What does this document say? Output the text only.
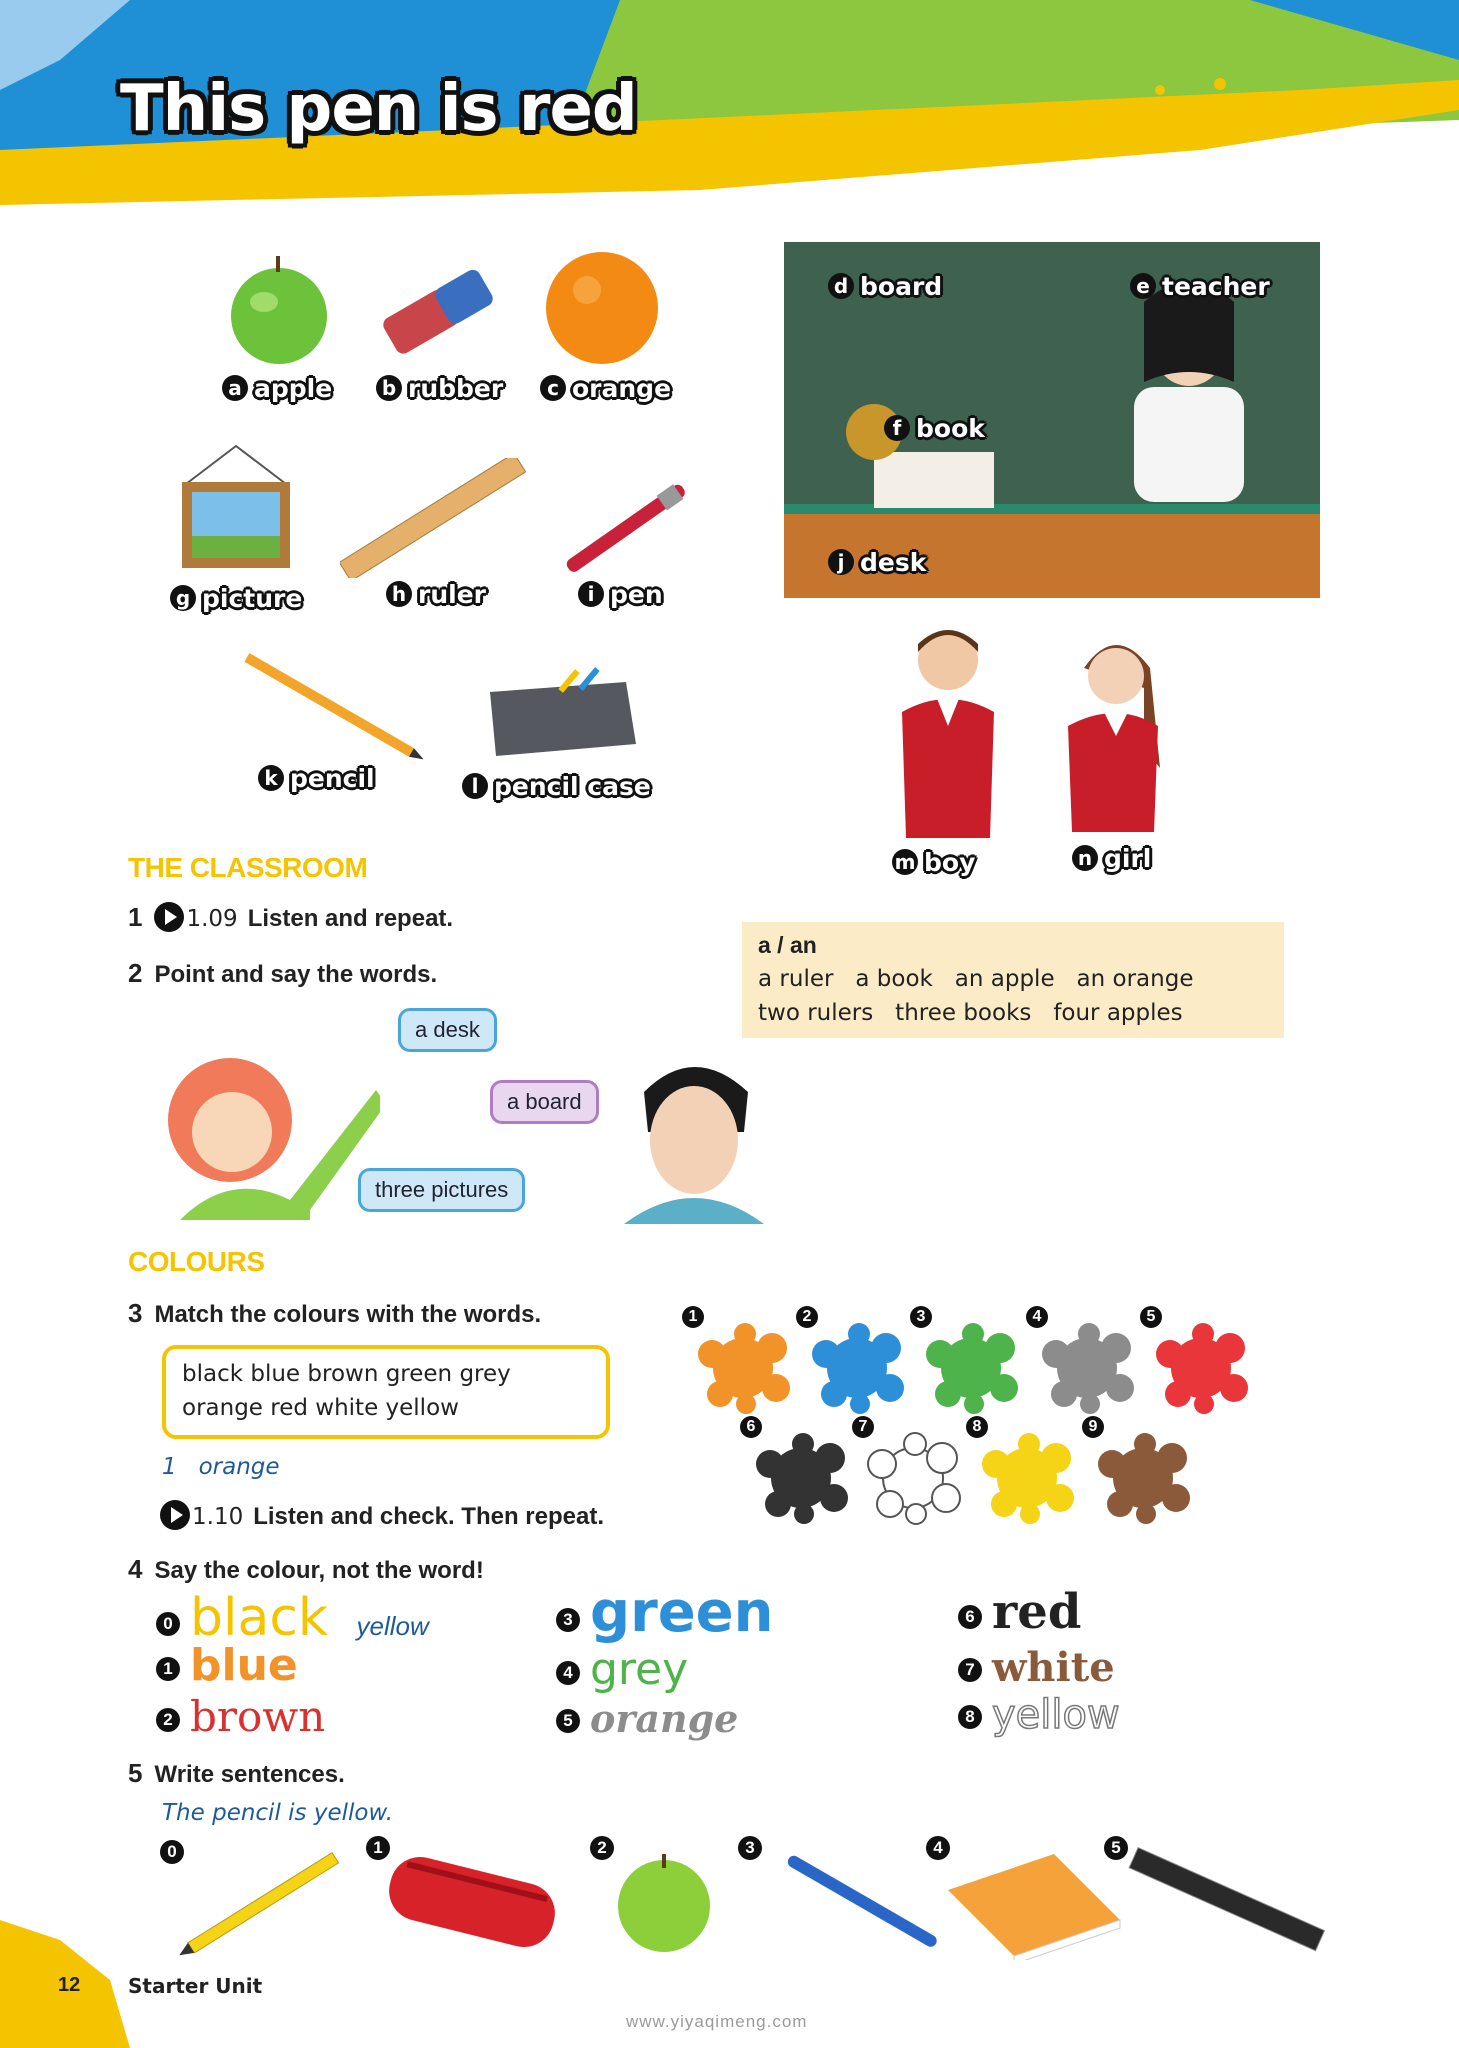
This pen is red
a apple b rubber	c orange
g picture	h ruler	i pen
k pencil	l pencil case
d board	e teacher
f book
j desk
m boy	n girl
THE CLASSROOM
1 1.09 Listen and repeat.
2 Point and say the words.
a / an
a ruler a book an apple an orange
two rulers three books four apples
a desk
a board
three pictures
COLOURS
3 Match the colours with the words.
black blue brown green grey
orange red white yellow
1   orange
1.10 Listen and check. Then repeat.
1	2	3	4	5
6	7	8	9
4 Say the colour, not the word!
0 black yellow
1 blue
2 brown
3 green
4 grey
5 orange
6 red
7 white
8 yellow
5 Write sentences.
The pencil is yellow.
0	1	2	3	4	5
12 Starter Unit
www.yiyaqimeng.com
